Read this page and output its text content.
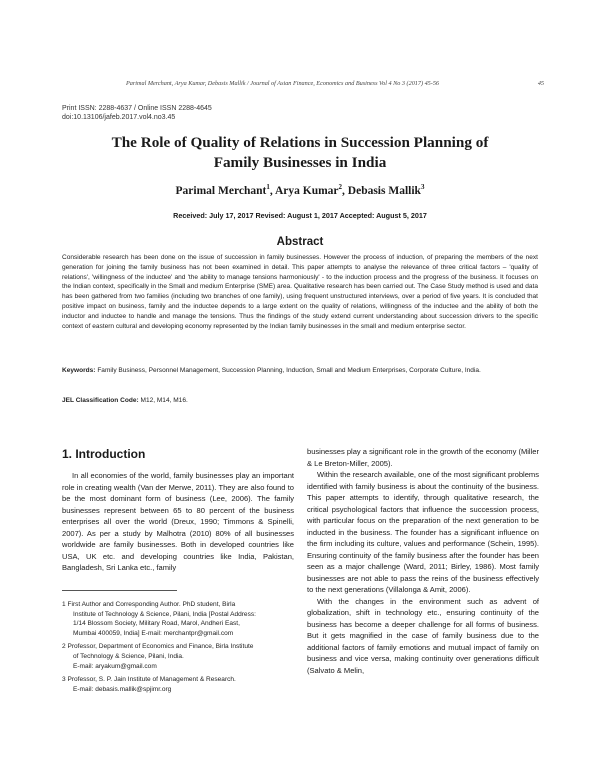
Parimal Merchant, Arya Kumar, Debasis Mallik / Journal of Asian Finance, Economics and Business Vol 4 No 3 (2017) 45-56	45
Print ISSN: 2288-4637 / Online ISSN 2288-4645
doi:10.13106/jafeb.2017.vol4.no3.45
The Role of Quality of Relations in Succession Planning of
Family Businesses in India
Parimal Merchant$^1$, Arya Kumar$^2$, Debasis Mallik$^3$
Received: July 17, 2017 Revised: August 1, 2017 Accepted: August 5, 2017
Abstract
Considerable research has been done on the issue of succession in family businesses. However the process of induction, of preparing the members of the next generation for joining the family business has not been examined in detail. This paper attempts to analyse the relevance of three critical factors – 'quality of relations', 'willingness of the inductee' and 'the ability to manage tensions harmoniously' - to the induction process and the progress of the business. It focuses on the Indian context, specifically in the Small and medium Enterprise (SME) area. Qualitative research has been carried out. The Case Study method is used and data has been gathered from two families (including two branches of one family), using frequent unstructured interviews, over a period of five years. It is concluded that positive impact on business, family and the inductee depends to a large extent on the quality of relations, willingness of the inductee and the ability of both the inductor and inductee to handle and manage the tensions. Thus the findings of the study extend current understanding about succession drivers to the specific context of eastern cultural and developing economy represented by the Indian family businesses in the small and medium enterprise sector.
Keywords: Family Business, Personnel Management, Succession Planning, Induction, Small and Medium Enterprises, Corporate Culture, India.
JEL Classification Code: M12, M14, M16.
1. Introduction
In all economies of the world, family businesses play an important role in creating wealth (Van der Merwe, 2011). They are also found to be the most dominant form of business (Lee, 2006). The family businesses represent between 65 to 80 percent of the business enterprises all over the world (Dreux, 1990; Timmons & Spinelli, 2007). As per a study by Malhotra (2010) 80% of all businesses worldwide are family businesses. Both in developed countries like USA, UK etc. and developing countries like India, Pakistan, Bangladesh, Sri Lanka etc., family

businesses play a significant role in the growth of the economy (Miller & Le Breton-Miller, 2005).

Within the research available, one of the most significant problems identified with family business is about the continuity of the business. This paper attempts to identify, through qualitative research, the critical psychological factors that influence the succession process, with particular focus on the preparation of the next generation to be inducted in the business. The founder has a significant influence on the firm including its culture, values and performance (Schein, 1995). Ensuring continuity of the family business after the founder has been seen as a major challenge (Ward, 2011; Birley, 1986). Most family businesses are not able to pass the reins of the business effectively to the next generations (Villalonga & Amit, 2006).

With the changes in the environment such as advent of globalization, shift in technology etc., ensuring continuity of the business has become a deeper challenge for all forms of business. But it gets magnified in the case of family business due to the additional factors of family emotions and mutual impact of family on business and vice versa, making continuity over generations difficult (Salvato & Melin,

1 First Author and Corresponding Author. PhD student, Birla
Institute of Technology & Science, Pilani, India [Postal Address:
1/14 Blossom Society, Military Road, Marol, Andheri East,
Mumbai 400059, India] E-mail: merchantpr@gmail.com
2 Professor, Department of Economics and Finance, Birla Institute
of Technology & Science, Pilani, India.
E-mail: aryakum@gmail.com
3 Professor, S. P. Jain Institute of Management & Research.
E-mail: debasis.mallik@spjimr.org
